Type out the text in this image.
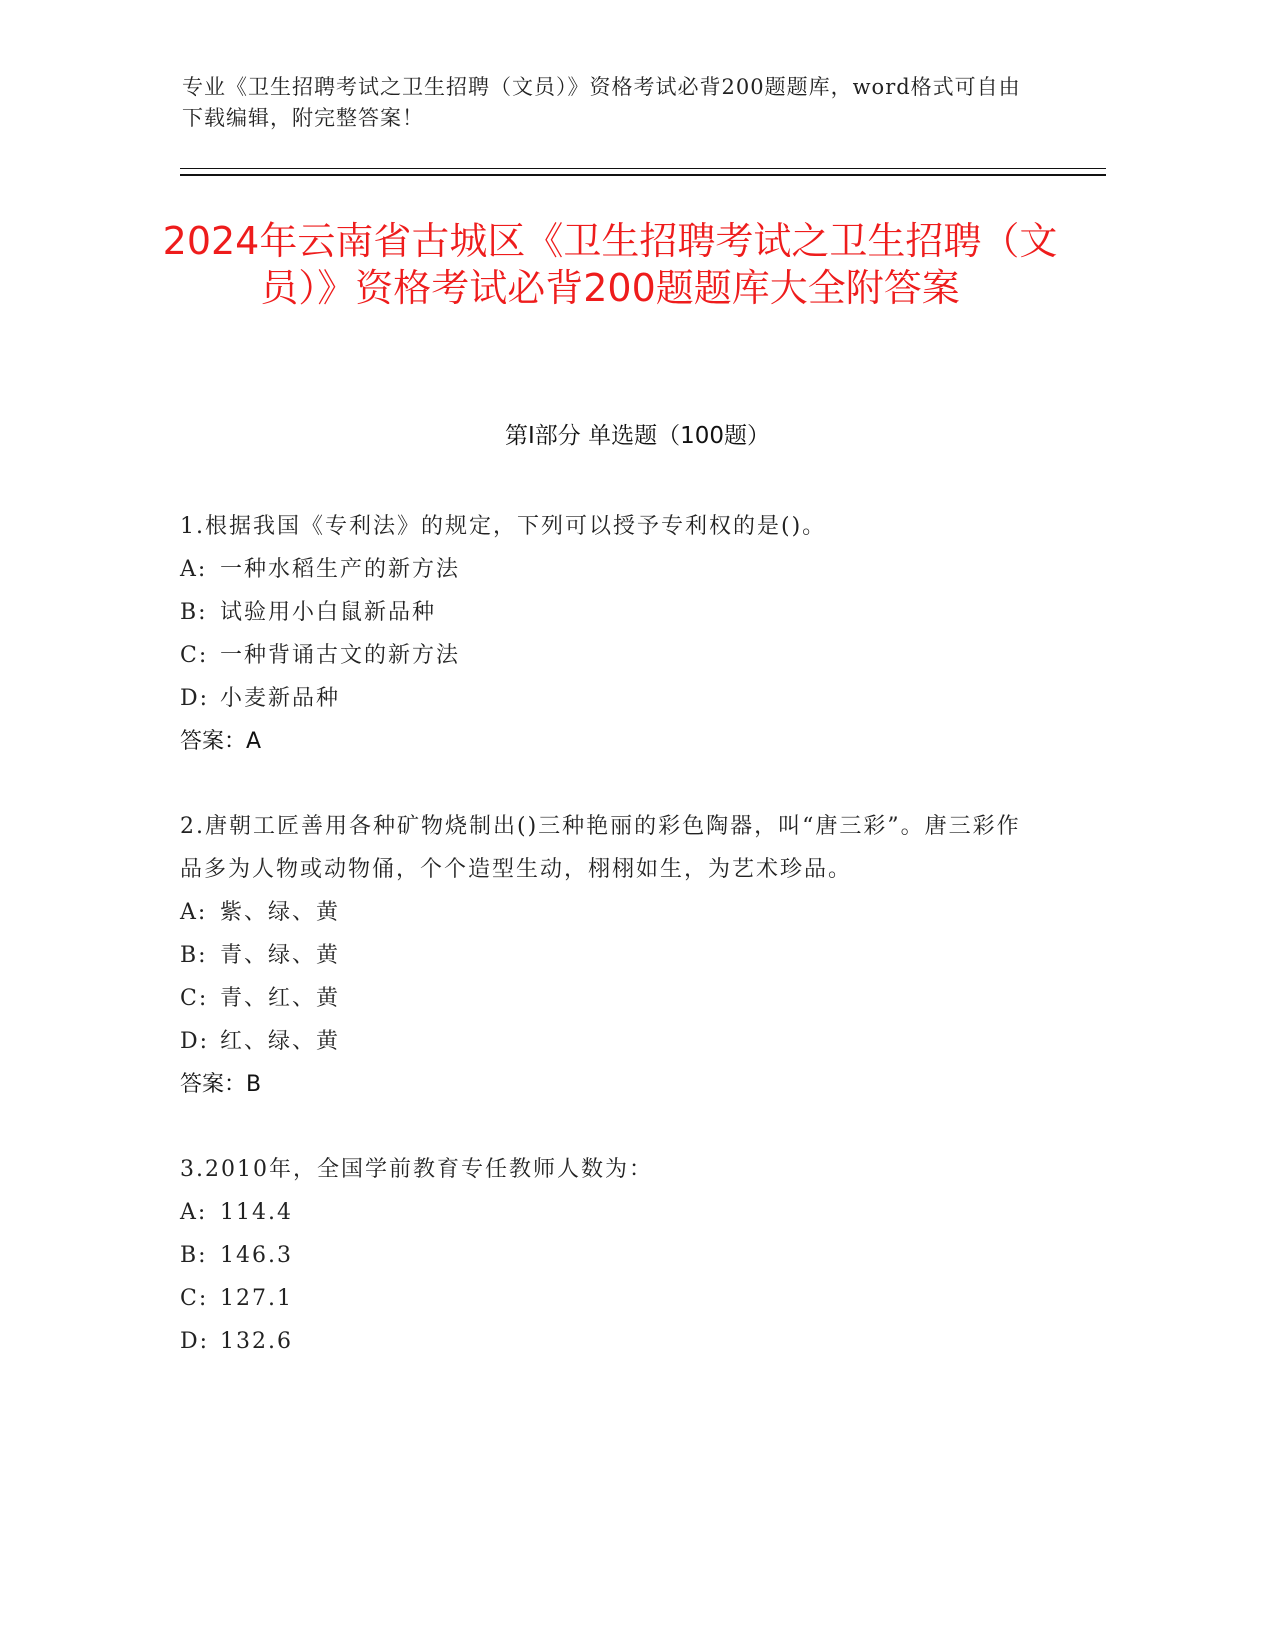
专业《卫生招聘考试之卫生招聘（文员）》资格考试必背200题题库，word格式可自由下载编辑，附完整答案！
2024年云南省古城区《卫生招聘考试之卫生招聘（文员）》资格考试必背200题题库大全附答案
第Ⅰ部分 单选题（100题）
1.根据我国《专利法》的规定，下列可以授予专利权的是()。
A: 一种水稻生产的新方法
B: 试验用小白鼠新品种
C: 一种背诵古文的新方法
D: 小麦新品种
答案：A
2.唐朝工匠善用各种矿物烧制出()三种艳丽的彩色陶器，叫“唐三彩”。唐三彩作品多为人物或动物俑，个个造型生动，栩栩如生，为艺术珍品。
A: 紫、绿、黄
B: 青、绿、黄
C: 青、红、黄
D: 红、绿、黄
答案：B
3.2010年，全国学前教育专任教师人数为：
A: 114.4
B: 146.3
C: 127.1
D: 132.6
